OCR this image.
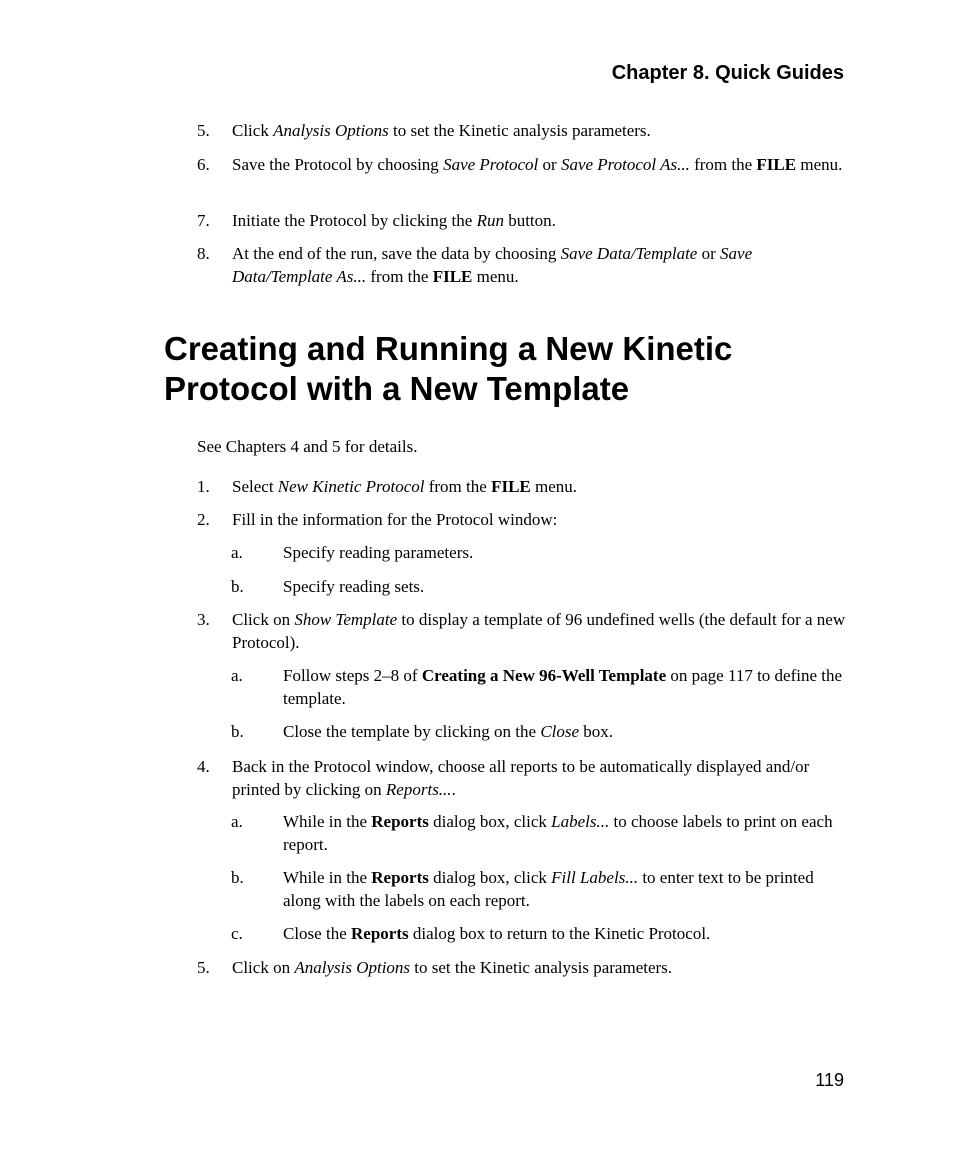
Chapter 8. Quick Guides
5. Click Analysis Options to set the Kinetic analysis parameters.
6. Save the Protocol by choosing Save Protocol or Save Protocol As... from the FILE menu.
7. Initiate the Protocol by clicking the Run button.
8. At the end of the run, save the data by choosing Save Data/Template or Save Data/Template As... from the FILE menu.
Creating and Running a New Kinetic
Protocol with a New Template
See Chapters 4 and 5 for details.
1. Select New Kinetic Protocol from the FILE menu.
2. Fill in the information for the Protocol window:
a. Specify reading parameters.
b. Specify reading sets.
3. Click on Show Template to display a template of 96 undefined wells (the default for a new Protocol).
a. Follow steps 2–8 of Creating a New 96-Well Template on page 117 to define the template.
b. Close the template by clicking on the Close box.
4. Back in the Protocol window, choose all reports to be automatically displayed and/or printed by clicking on Reports....
a. While in the Reports dialog box, click Labels... to choose labels to print on each report.
b. While in the Reports dialog box, click Fill Labels... to enter text to be printed along with the labels on each report.
c. Close the Reports dialog box to return to the Kinetic Protocol.
5. Click on Analysis Options to set the Kinetic analysis parameters.
119
